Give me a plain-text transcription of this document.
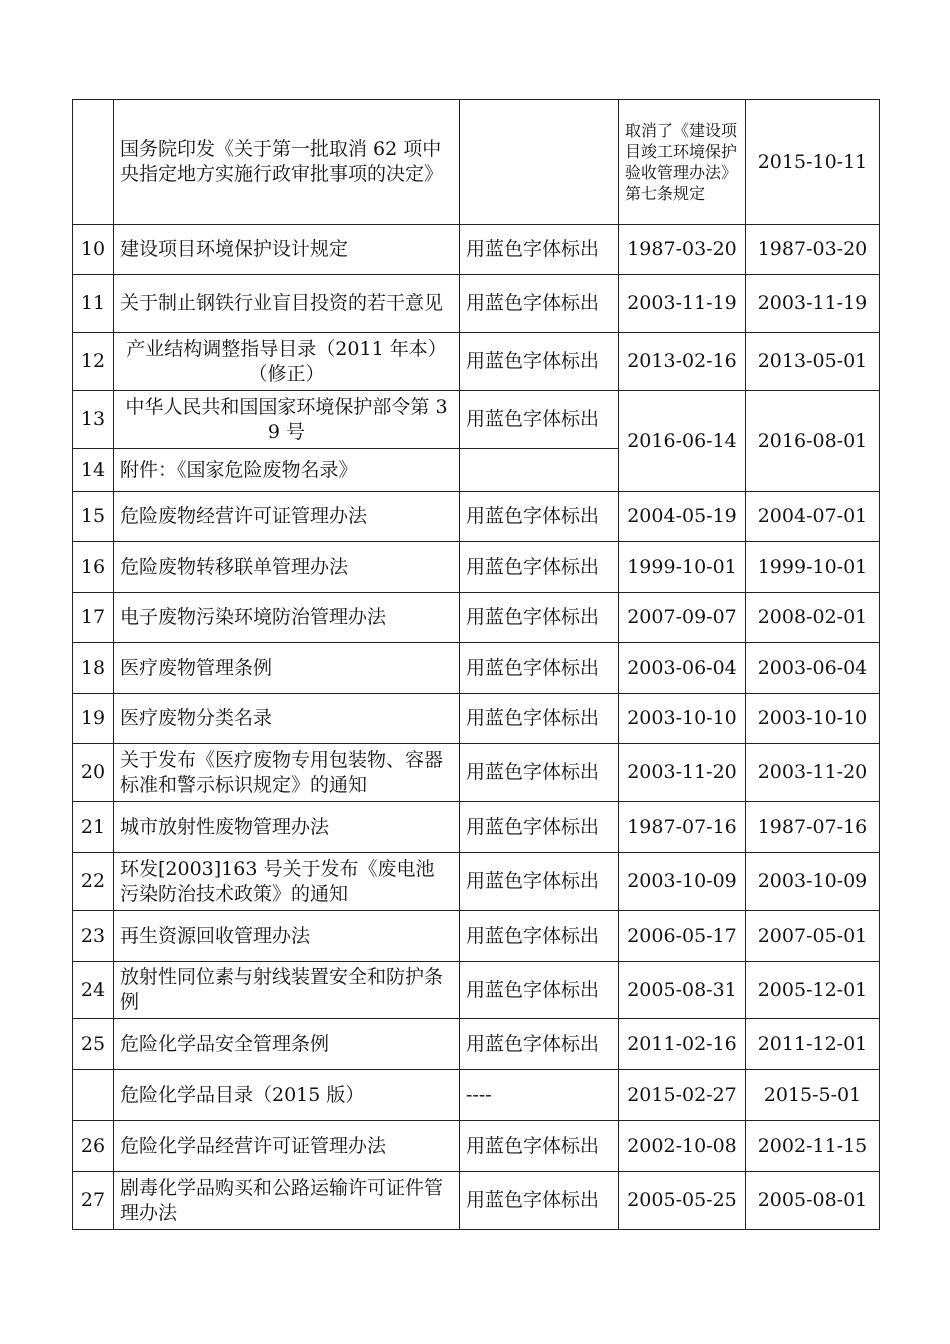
	国务院印发《关于第一批取消 62 项中央指定地方实施行政审批事项的决定》		取消了《建设项目竣工环境保护验收管理办法》第七条规定	2015-10-11
10	建设项目环境保护设计规定	用蓝色字体标出	1987-03-20	1987-03-20
11	关于制止钢铁行业盲目投资的若干意见	用蓝色字体标出	2003-11-19	2003-11-19
12	产业结构调整指导目录（2011 年本）（修正）	用蓝色字体标出	2013-02-16	2013-05-01
13	中华人民共和国国家环境保护部令第 39 号	用蓝色字体标出	2016-06-14	2016-08-01
14	附件：《国家危险废物名录》			
15	危险废物经营许可证管理办法	用蓝色字体标出	2004-05-19	2004-07-01
16	危险废物转移联单管理办法	用蓝色字体标出	1999-10-01	1999-10-01
17	电子废物污染环境防治管理办法	用蓝色字体标出	2007-09-07	2008-02-01
18	医疗废物管理条例	用蓝色字体标出	2003-06-04	2003-06-04
19	医疗废物分类名录	用蓝色字体标出	2003-10-10	2003-10-10
20	关于发布《医疗废物专用包装物、容器标准和警示标识规定》的通知	用蓝色字体标出	2003-11-20	2003-11-20
21	城市放射性废物管理办法	用蓝色字体标出	1987-07-16	1987-07-16
22	环发[2003]163 号关于发布《废电池污染防治技术政策》的通知	用蓝色字体标出	2003-10-09	2003-10-09
23	再生资源回收管理办法	用蓝色字体标出	2006-05-17	2007-05-01
24	放射性同位素与射线装置安全和防护条例	用蓝色字体标出	2005-08-31	2005-12-01
25	危险化学品安全管理条例	用蓝色字体标出	2011-02-16	2011-12-01
	危险化学品目录（2015 版）	----	2015-02-27	2015-5-01
26	危险化学品经营许可证管理办法	用蓝色字体标出	2002-10-08	2002-11-15
27	剧毒化学品购买和公路运输许可证件管理办法	用蓝色字体标出	2005-05-25	2005-08-01
